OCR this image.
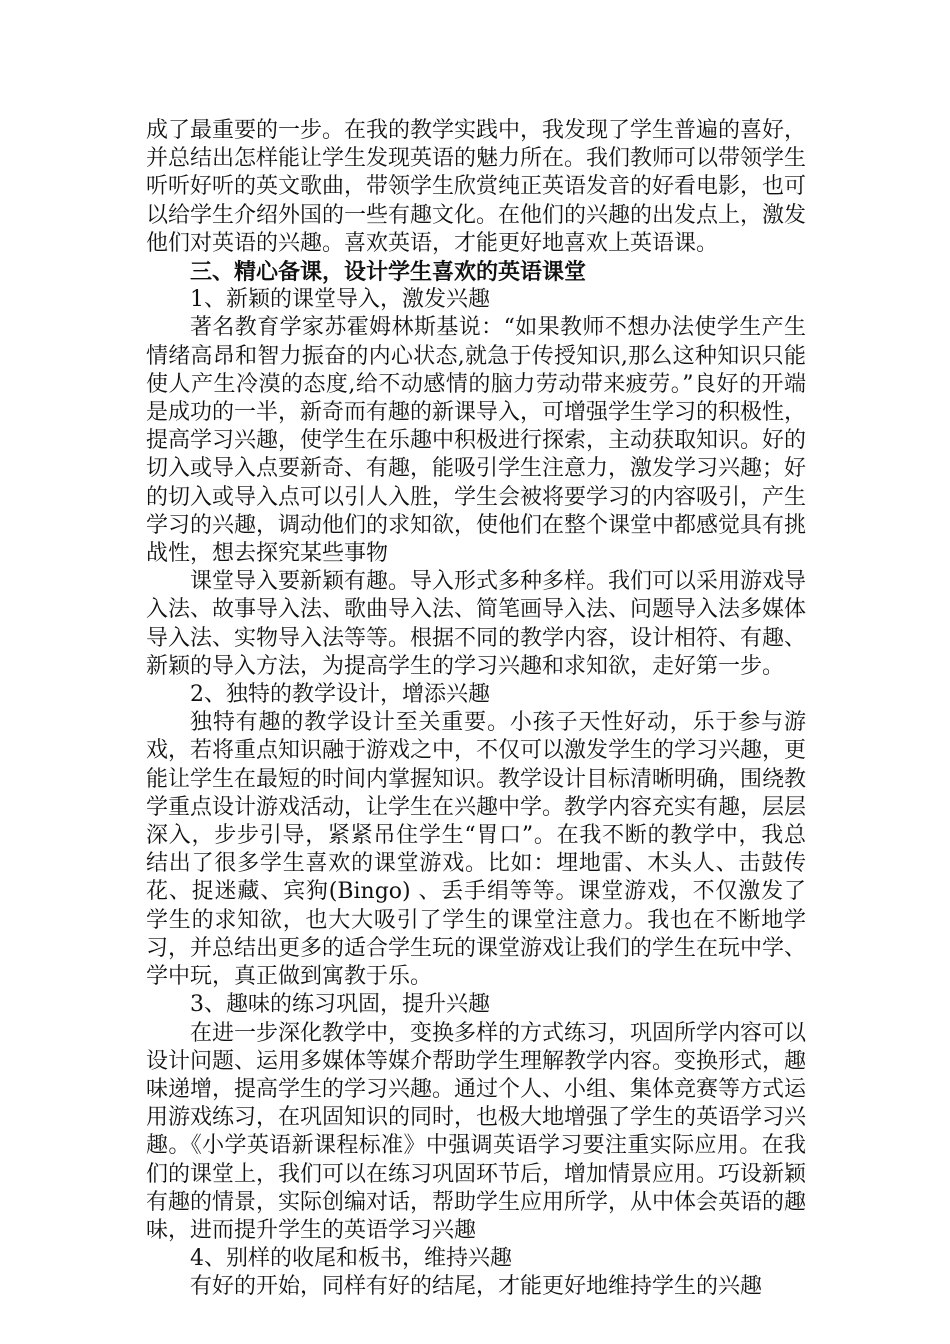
成了最重要的一步。在我的教学实践中，我发现了学生普遍的喜好，并总结出怎样能让学生发现英语的魅力所在。我们教师可以带领学生听听好听的英文歌曲，带领学生欣赏纯正英语发音的好看电影，也可以给学生介绍外国的一些有趣文化。在他们的兴趣的出发点上，激发他们对英语的兴趣。喜欢英语，才能更好地喜欢上英语课。

三、精心备课，设计学生喜欢的英语课堂

1、新颖的课堂导入，激发兴趣

著名教育学家苏霍姆林斯基说：“如果教师不想办法使学生产生情绪高昂和智力振奋的内心状态,就急于传授知识,那么这种知识只能使人产生冷漠的态度,给不动感情的脑力劳动带来疲劳。”良好的开端是成功的一半，新奇而有趣的新课导入，可增强学生学习的积极性，提高学习兴趣，使学生在乐趣中积极进行探索，主动获取知识。好的切入或导入点要新奇、有趣，能吸引学生注意力，激发学习兴趣；好的切入或导入点可以引人入胜，学生会被将要学习的内容吸引，产生学习的兴趣，调动他们的求知欲，使他们在整个课堂中都感觉具有挑战性，想去探究某些事物

课堂导入要新颖有趣。导入形式多种多样。我们可以采用游戏导入法、故事导入法、歌曲导入法、简笔画导入法、问题导入法多媒体导入法、实物导入法等等。根据不同的教学内容，设计相符、有趣、新颖的导入方法，为提高学生的学习兴趣和求知欲，走好第一步。

2、独特的教学设计，增添兴趣

独特有趣的教学设计至关重要。小孩子天性好动，乐于参与游戏，若将重点知识融于游戏之中，不仅可以激发学生的学习兴趣，更能让学生在最短的时间内掌握知识。教学设计目标清晰明确，围绕教学重点设计游戏活动，让学生在兴趣中学。教学内容充实有趣，层层深入，步步引导，紧紧吊住学生“胃口”。在我不断的教学中，我总结出了很多学生喜欢的课堂游戏。比如：埋地雷、木头人、击鼓传花、捉迷藏、宾狗(Bingo) 、丢手绢等等。课堂游戏，不仅激发了学生的求知欲，也大大吸引了学生的课堂注意力。我也在不断地学习，并总结出更多的适合学生玩的课堂游戏让我们的学生在玩中学、学中玩，真正做到寓教于乐。

3、趣味的练习巩固，提升兴趣

在进一步深化教学中，变换多样的方式练习，巩固所学内容可以设计问题、运用多媒体等媒介帮助学生理解教学内容。变换形式，趣味递增，提高学生的学习兴趣。通过个人、小组、集体竞赛等方式运用游戏练习，在巩固知识的同时，也极大地增强了学生的英语学习兴趣。《小学英语新课程标准》中强调英语学习要注重实际应用。在我们的课堂上，我们可以在练习巩固环节后，增加情景应用。巧设新颖有趣的情景，实际创编对话，帮助学生应用所学，从中体会英语的趣味，进而提升学生的英语学习兴趣

4、别样的收尾和板书，维持兴趣

有好的开始，同样有好的结尾，才能更好地维持学生的兴趣
